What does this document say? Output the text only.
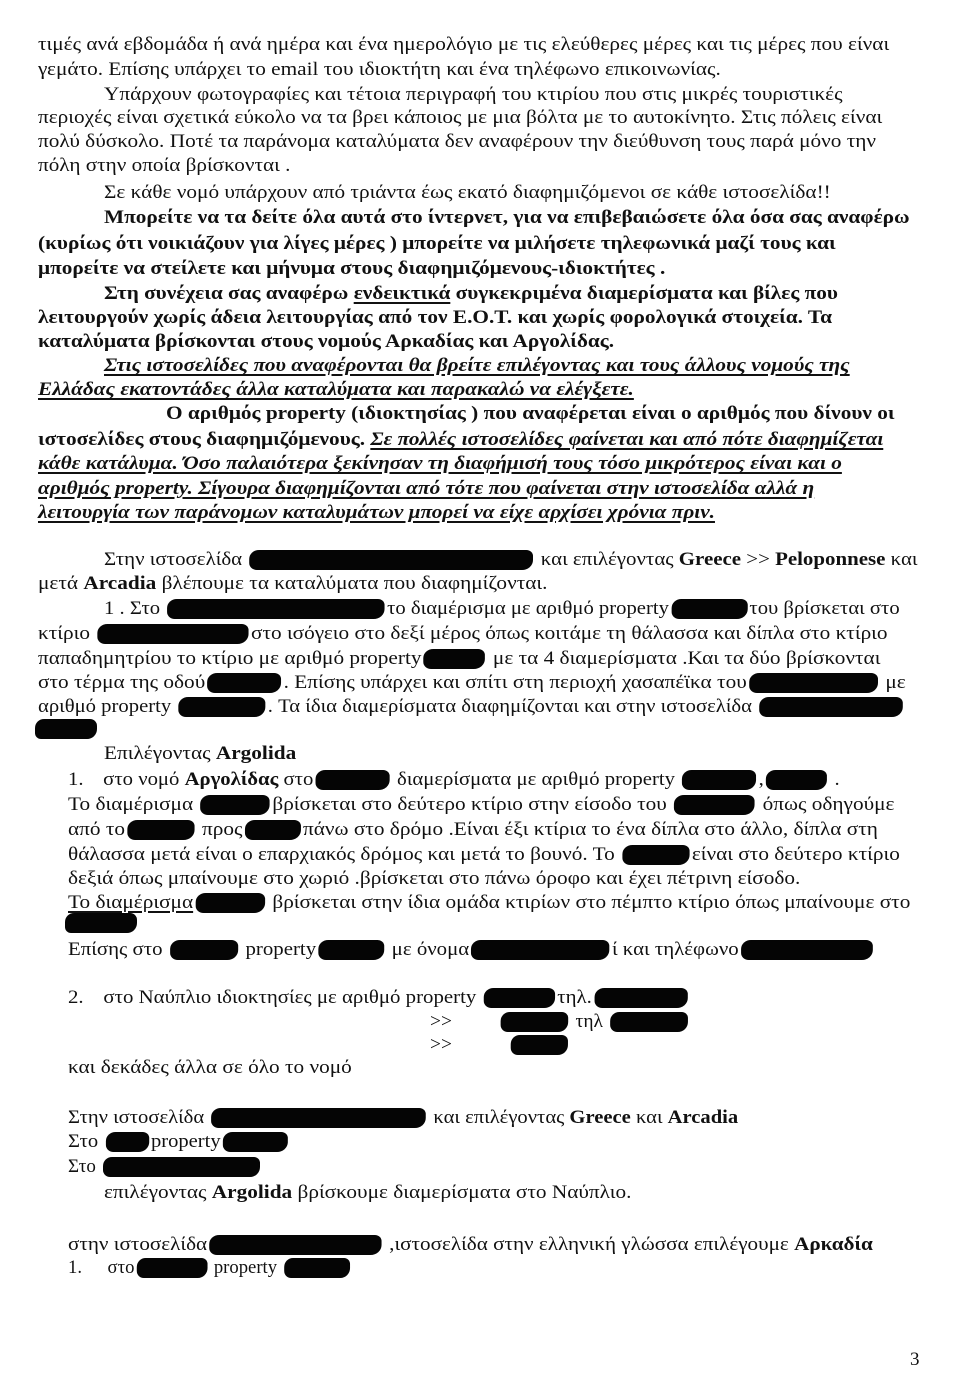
τιμές ανά εβδομάδα ή ανά ημέρα και ένα ημερολόγιο με τις ελεύθερες μέρες και τις μέρες που είναι
γεμάτο. Επίσης υπάρχει το email του ιδιοκτήτη και ένα τηλέφωνο επικοινωνίας.
Υπάρχουν φωτογραφίες και τέτοια περιγραφή του κτιρίου που στις μικρές τουριστικές
περιοχές είναι σχετικά εύκολο να τα βρει κάποιος με μια βόλτα με το αυτοκίνητο. Στις πόλεις είναι
πολύ δύσκολο. Ποτέ τα παράνομα καταλύματα δεν αναφέρουν την διεύθυνση τους παρά μόνο την
πόλη στην οποία βρίσκονται .
Σε κάθε νομό υπάρχουν από τριάντα έως εκατό διαφημιζόμενοι σε κάθε ιστοσελίδα!!
Μπορείτε να τα δείτε όλα αυτά στο ίντερνετ, για να επιβεβαιώσετε όλα όσα σας αναφέρω
(κυρίως ότι νοικιάζουν για λίγες μέρες ) μπορείτε να μιλήσετε τηλεφωνικά μαζί τους και
μπορείτε να στείλετε και μήνυμα στους διαφημιζόμενους-ιδιοκτήτες .
Στη συνέχεια σας αναφέρω ενδεικτικά συγκεκριμένα διαμερίσματα και βίλες που
λειτουργούν χωρίς άδεια λειτουργίας από τον Ε.Ο.Τ. και χωρίς φορολογικά στοιχεία. Τα
καταλύματα βρίσκονται στους νομούς Αρκαδίας και Αργολίδας.
Στις ιστοσελίδες που αναφέρονται θα βρείτε επιλέγοντας και τους άλλους νομούς της
Ελλάδας εκατοντάδες άλλα καταλύματα και παρακαλώ να ελέγξετε.
Ο αριθμός property (ιδιοκτησίας ) που αναφέρεται είναι ο αριθμός που δίνουν οι
ιστοσελίδες στους διαφημιζόμενους. Σε πολλές ιστοσελίδες φαίνεται και από πότε διαφημίζεται
κάθε κατάλυμα. Όσο παλαιότερα ξεκίνησαν τη διαφήμισή τους τόσο μικρότερος είναι και ο
αριθμός property. Σίγουρα διαφημίζονται από τότε που φαίνεται στην ιστοσελίδα αλλά η
λειτουργία των παράνομων καταλυμάτων μπορεί να είχε αρχίσει χρόνια πριν.
Στην ιστοσελίδα	και επιλέγοντας Greece >> Peloponnese και
μετά Arcadia βλέπουμε τα καταλύματα που διαφημίζονται.
1 . Στο	το διαμέρισμα με αριθμό property	του βρίσκεται στο
κτίριο	στο ισόγειο στο δεξί μέρος όπως κοιτάμε τη θάλασσα και δίπλα στο κτίριο
παπαδημητρίου το κτίριο με αριθμό property	με τα 4 διαμερίσματα .Και τα δύο βρίσκονται
στο τέρμα της οδού	. Επίσης υπάρχει και σπίτι στη περιοχή χασαπέϊκα του	με
αριθμό property	. Τα ίδια διαμερίσματα διαφημίζονται και στην ιστοσελίδα
Επιλέγοντας Argolida
1. στο νομό Αργολίδας στο	διαμερίσματα με αριθμό property	,	.
Το διαμέρισμα	βρίσκεται στο δεύτερο κτίριο στην είσοδο του	όπως οδηγούμε
από το	προς	πάνω στο δρόμο .Είναι έξι κτίρια το ένα δίπλα στο άλλο, δίπλα στη
θάλασσα μετά είναι ο επαρχιακός δρόμος και μετά το βουνό. Το	είναι στο δεύτερο κτίριο
δεξιά όπως μπαίνουμε στο χωριό .βρίσκεται στο πάνω όροφο και έχει πέτρινη είσοδο.
Το διαμέρισμα	βρίσκεται στην ίδια ομάδα κτιρίων στο πέμπτο κτίριο όπως μπαίνουμε στο
Επίσης στο	property	με όνομα	ί και τηλέφωνο
2. στο Ναύπλιο ιδιοκτησίες με αριθμό property	τηλ.
>>	τηλ
>>
και δεκάδες άλλα σε όλο το νομό
Στην ιστοσελίδα	και επιλέγοντας Greece και Arcadia
Στο	property
Στο
επιλέγοντας Argolida βρίσκουμε διαμερίσματα στο Ναύπλιο.
στην ιστοσελίδα	,ιστοσελίδα στην ελληνική γλώσσα επιλέγουμε Αρκαδία
1. στο	property
3
